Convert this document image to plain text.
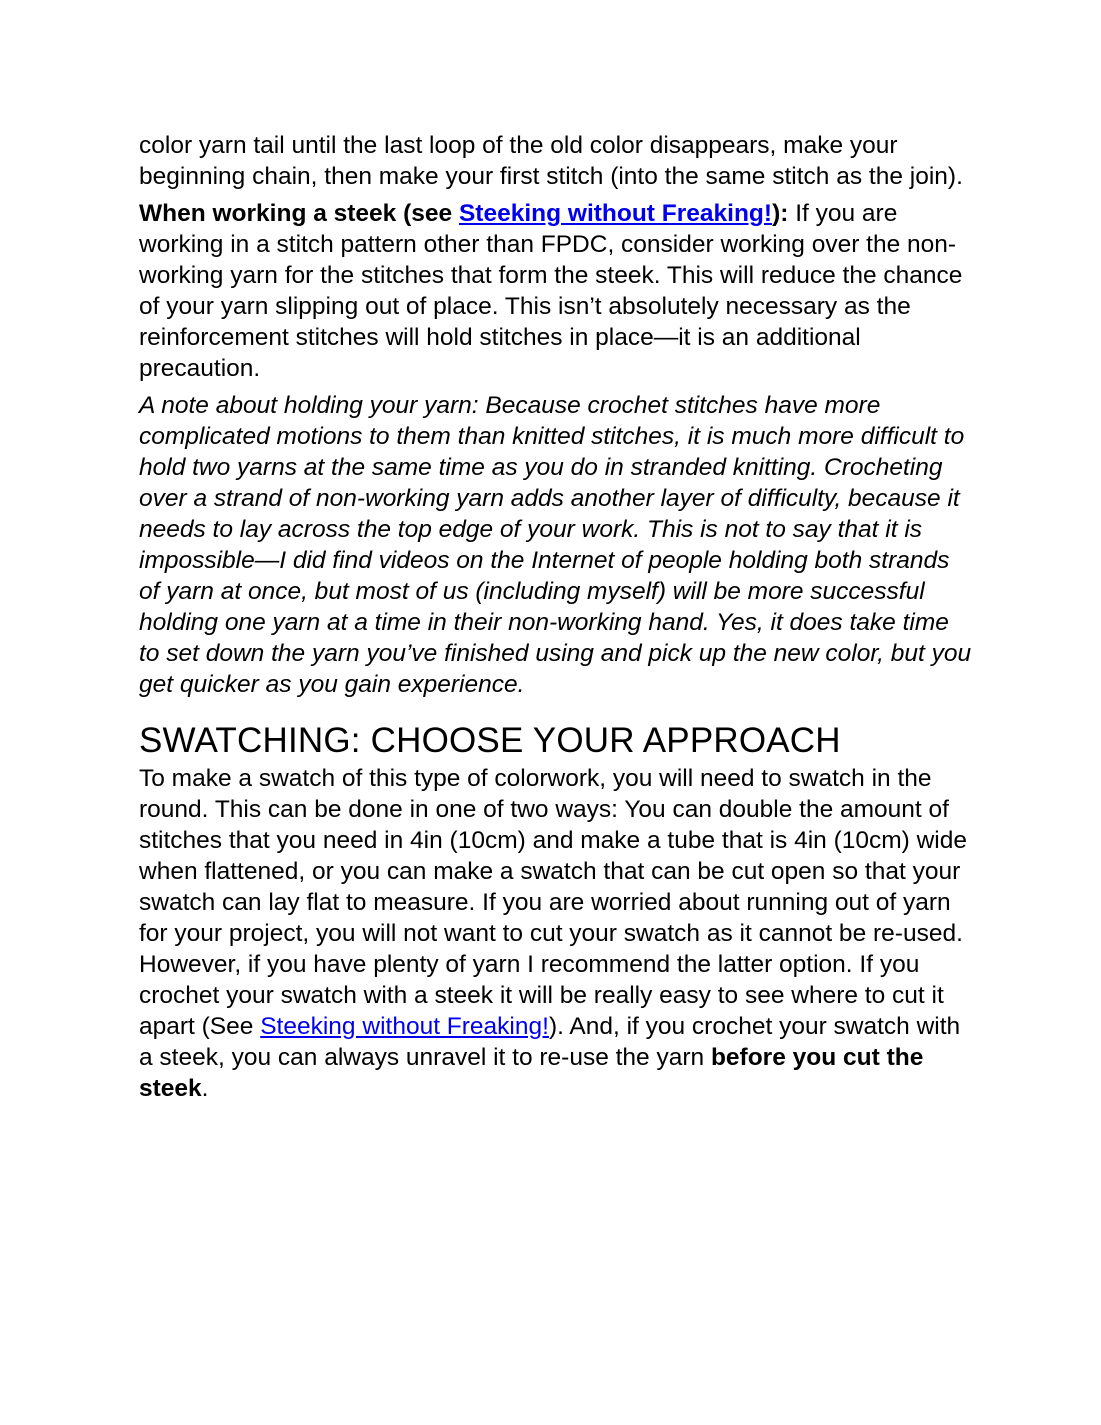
color yarn tail until the last loop of the old color disappears, make your beginning chain, then make your first stitch (into the same stitch as the join).

When working a steek (see Steeking without Freaking!): If you are working in a stitch pattern other than FPDC, consider working over the non-working yarn for the stitches that form the steek. This will reduce the chance of your yarn slipping out of place. This isn’t absolutely necessary as the reinforcement stitches will hold stitches in place—it is an additional precaution.

A note about holding your yarn: Because crochet stitches have more complicated motions to them than knitted stitches, it is much more difficult to hold two yarns at the same time as you do in stranded knitting. Crocheting over a strand of non-working yarn adds another layer of difficulty, because it needs to lay across the top edge of your work. This is not to say that it is impossible—I did find videos on the Internet of people holding both strands of yarn at once, but most of us (including myself) will be more successful holding one yarn at a time in their non-working hand. Yes, it does take time to set down the yarn you’ve finished using and pick up the new color, but you get quicker as you gain experience.

SWATCHING: CHOOSE YOUR APPROACH

To make a swatch of this type of colorwork, you will need to swatch in the round. This can be done in one of two ways: You can double the amount of stitches that you need in 4in (10cm) and make a tube that is 4in (10cm) wide when flattened, or you can make a swatch that can be cut open so that your swatch can lay flat to measure. If you are worried about running out of yarn for your project, you will not want to cut your swatch as it cannot be re-used. However, if you have plenty of yarn I recommend the latter option. If you crochet your swatch with a steek it will be really easy to see where to cut it apart (See Steeking without Freaking!). And, if you crochet your swatch with a steek, you can always unravel it to re-use the yarn before you cut the steek.
